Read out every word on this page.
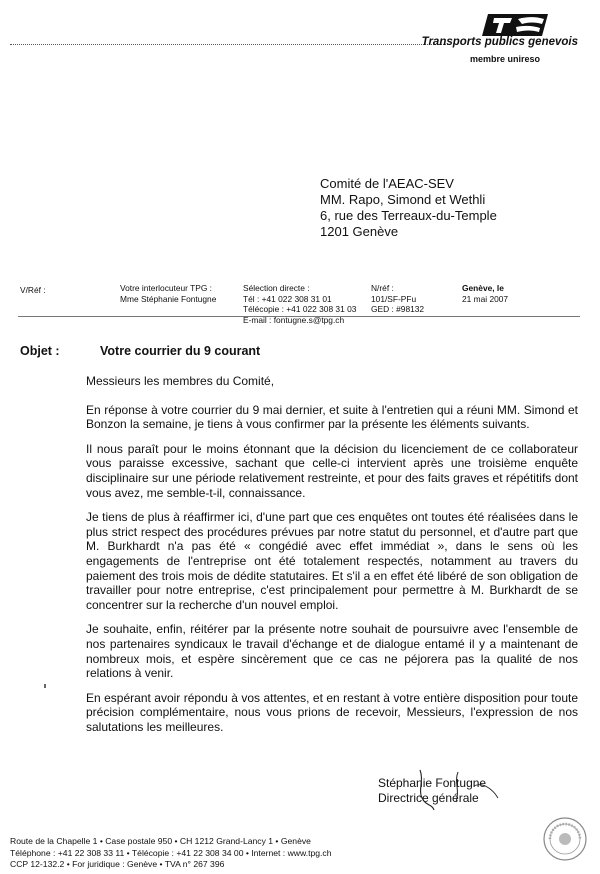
Transports publics genevois
membre unireso
Comité de l'AEAC-SEV
MM. Rapo, Simond et Wethli
6, rue des Terreaux-du-Temple
1201 Genève
V/Réf :	Votre interlocuteur TPG :
Mme Stéphanie Fontugne
Sélection directe :
Tél : +41 022 308 31 01
Télécopie : +41 022 308 31 03
E-mail : fontugne.s@tpg.ch
N/réf :
101/SF-PFu
GED : #98132
Genève, le
21 mai 2007
Objet :	Votre courrier du 9 courant

Messieurs les membres du Comité,

En réponse à votre courrier du 9 mai dernier, et suite à l'entretien qui a réuni MM. Simond et Bonzon la semaine, je tiens à vous confirmer par la présente les éléments suivants.

Il nous paraît pour le moins étonnant que la décision du licenciement de ce collaborateur vous paraisse excessive, sachant que celle-ci intervient après une troisième enquête disciplinaire sur une période relativement restreinte, et pour des faits graves et répétitifs dont vous avez, me semble-t-il, connaissance.

Je tiens de plus à réaffirmer ici, d'une part que ces enquêtes ont toutes été réalisées dans le plus strict respect des procédures prévues par notre statut du personnel, et d'autre part que M. Burkhardt n'a pas été « congédié avec effet immédiat », dans le sens où les engagements de l'entreprise ont été totalement respectés, notamment au travers du paiement des trois mois de dédite statutaires. Et s'il a en effet été libéré de son obligation de travailler pour notre entreprise, c'est principalement pour permettre à M. Burkhardt de se concentrer sur la recherche d'un nouvel emploi.

Je souhaite, enfin, réitérer par la présente notre souhait de poursuivre avec l'ensemble de nos partenaires syndicaux le travail d'échange et de dialogue entamé il y a maintenant de nombreux mois, et espère sincèrement que ce cas ne péjorera pas la qualité de nos relations à venir.

En espérant avoir répondu à vos attentes, et en restant à votre entière disposition pour toute précision complémentaire, nous vous prions de recevoir, Messieurs, l'expression de nos salutations les meilleures.

Stéphanie Fontugne
Directrice générale
Route de la Chapelle 1 • Case postale 950 • CH 1212 Grand-Lancy 1 • Genève
Téléphone : +41 22 308 33 11 • Télécopie : +41 22 308 34 00 • Internet : www.tpg.ch
CCP 12-132.2 • For juridique : Genève • TVA n° 267 396
